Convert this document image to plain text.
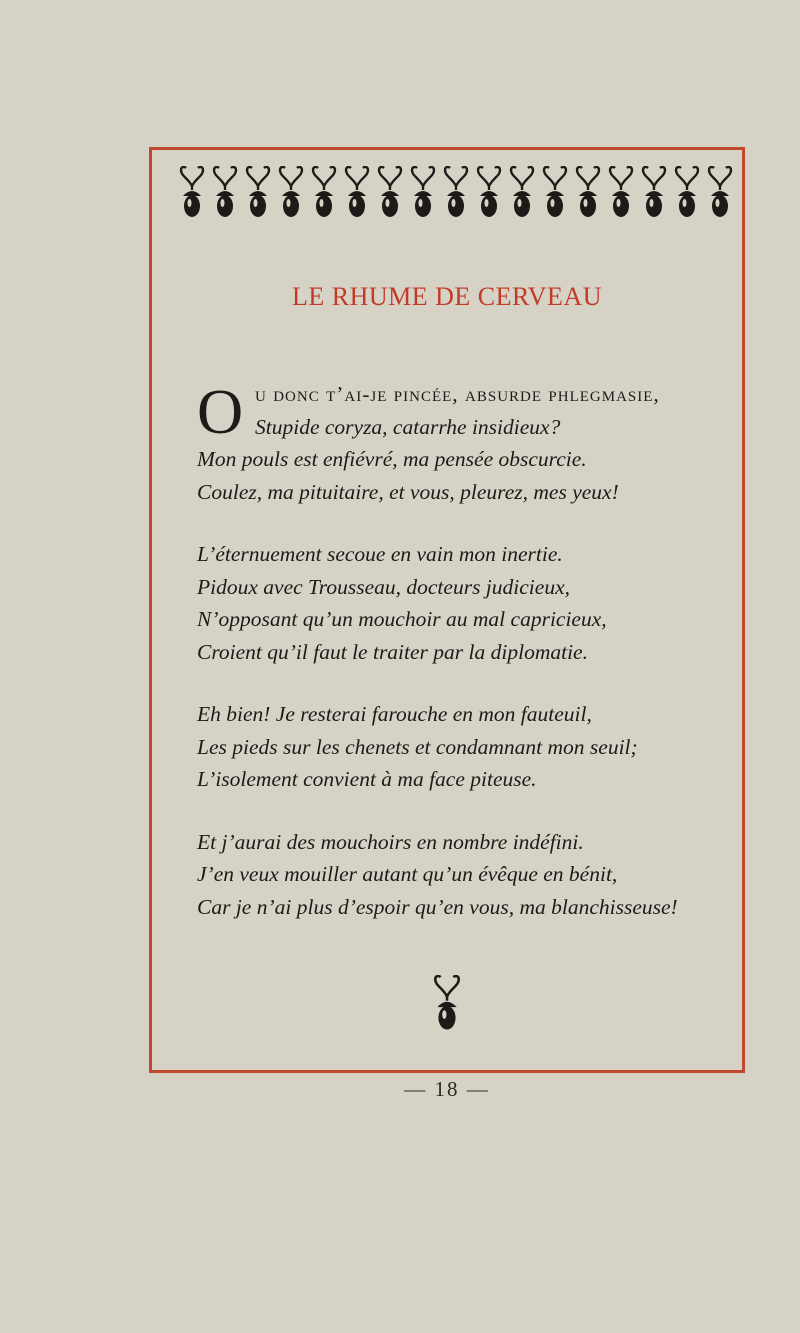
LE RHUME DE CERVEAU
O u donc t’ai-je pincée, absurde phlegmasie,
Stupide coryza, catarrhe insidieux?
Mon pouls est enfiévré, ma pensée obscurcie.
Coulez, ma pituitaire, et vous, pleurez, mes yeux!
L’éternuement secoue en vain mon inertie.
Pidoux avec Trousseau, docteurs judicieux,
N’opposant qu’un mouchoir au mal capricieux,
Croient qu’il faut le traiter par la diplomatie.
Eh bien! Je resterai farouche en mon fauteuil,
Les pieds sur les chenets et condamnant mon seuil;
L’isolement convient à ma face piteuse.
Et j’aurai des mouchoirs en nombre indéfini.
J’en veux mouiller autant qu’un évêque en bénit,
Car je n’ai plus d’espoir qu’en vous, ma blanchisseuse!
— 18 —
